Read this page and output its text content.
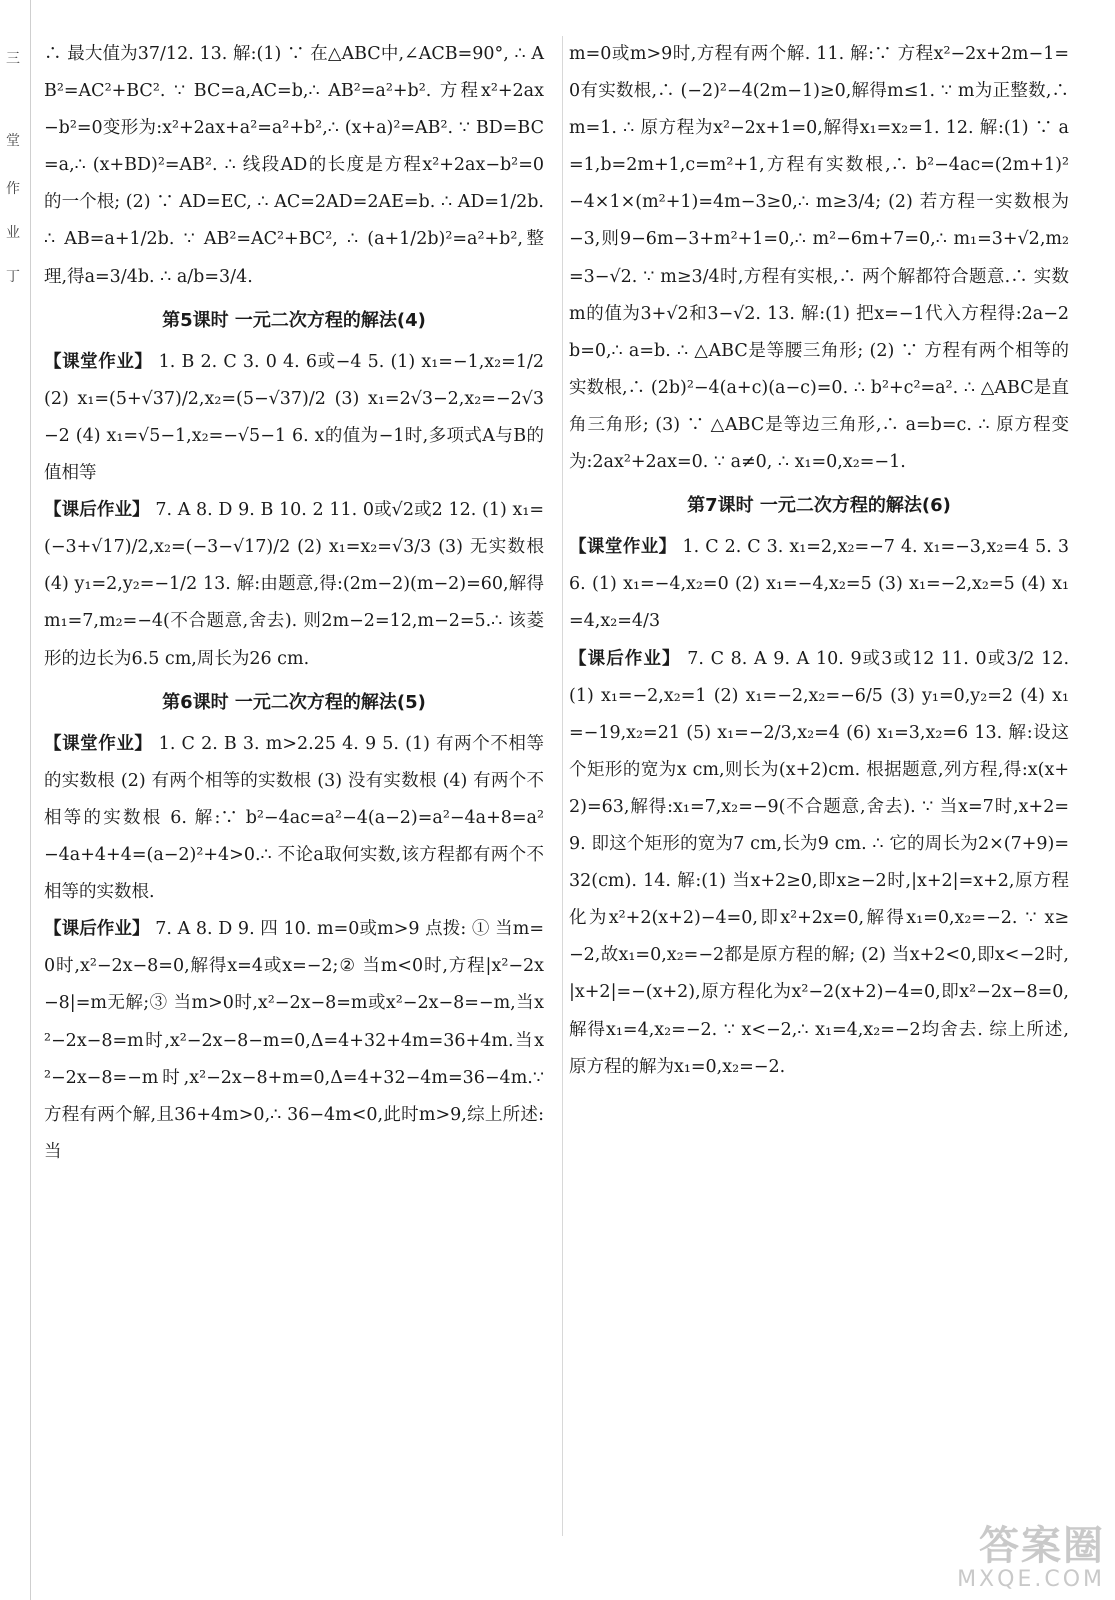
三
堂
作
业
丁

∴ 最大值为37/12. 13. 解:(1) ∵ 在△ABC中,∠ACB=90°, ∴ AB²=AC²+BC². ∵ BC=a,AC=b,∴ AB²=a²+b². 方程x²+2ax−b²=0变形为:x²+2ax+a²=a²+b²,∴ (x+a)²=AB². ∵ BD=BC=a,∴ (x+BD)²=AB². ∴ 线段AD的长度是方程x²+2ax−b²=0的一个根; (2) ∵ AD=EC, ∴ AC=2AD=2AE=b. ∴ AD=1/2b. ∴ AB=a+1/2b. ∵ AB²=AC²+BC², ∴ (a+1/2b)²=a²+b²,整理,得a=3/4b. ∴ a/b=3/4.

第5课时 一元二次方程的解法(4)

【课堂作业】 1. B 2. C 3. 0 4. 6或−4 5. (1) x₁=−1,x₂=1/2 (2) x₁=(5+√37)/2,x₂=(5−√37)/2 (3) x₁=2√3−2,x₂=−2√3−2 (4) x₁=√5−1,x₂=−√5−1 6. x的值为−1时,多项式A与B的值相等

【课后作业】 7. A 8. D 9. B 10. 2 11. 0或√2或2 12. (1) x₁=(−3+√17)/2,x₂=(−3−√17)/2 (2) x₁=x₂=√3/3 (3) 无实数根 (4) y₁=2,y₂=−1/2 13. 解:由题意,得:(2m−2)(m−2)=60,解得m₁=7,m₂=−4(不合题意,舍去). 则2m−2=12,m−2=5.∴ 该菱形的边长为6.5 cm,周长为26 cm.

第6课时 一元二次方程的解法(5)

【课堂作业】 1. C 2. B 3. m>2.25 4. 9 5. (1) 有两个不相等的实数根 (2) 有两个相等的实数根 (3) 没有实数根 (4) 有两个不相等的实数根 6. 解:∵ b²−4ac=a²−4(a−2)=a²−4a+8=a²−4a+4+4=(a−2)²+4>0.∴ 不论a取何实数,该方程都有两个不相等的实数根.

【课后作业】 7. A 8. D 9. 四 10. m=0或m>9 点拨: ① 当m=0时,x²−2x−8=0,解得x=4或x=−2;② 当m<0时,方程|x²−2x−8|=m无解;③ 当m>0时,x²−2x−8=m或x²−2x−8=−m,当x²−2x−8=m时,x²−2x−8−m=0,Δ=4+32+4m=36+4m.当x²−2x−8=−m时,x²−2x−8+m=0,Δ=4+32−4m=36−4m.∵ 方程有两个解,且36+4m>0,∴ 36−4m<0,此时m>9,综上所述:当

m=0或m>9时,方程有两个解. 11. 解:∵ 方程x²−2x+2m−1=0有实数根,∴ (−2)²−4(2m−1)≥0,解得m≤1. ∵ m为正整数,∴ m=1. ∴ 原方程为x²−2x+1=0,解得x₁=x₂=1. 12. 解:(1) ∵ a=1,b=2m+1,c=m²+1,方程有实数根,∴ b²−4ac=(2m+1)²−4×1×(m²+1)=4m−3≥0,∴ m≥3/4; (2) 若方程一实数根为−3,则9−6m−3+m²+1=0,∴ m²−6m+7=0,∴ m₁=3+√2,m₂=3−√2. ∵ m≥3/4时,方程有实根,∴ 两个解都符合题意.∴ 实数m的值为3+√2和3−√2. 13. 解:(1) 把x=−1代入方程得:2a−2b=0,∴ a=b. ∴ △ABC是等腰三角形; (2) ∵ 方程有两个相等的实数根,∴ (2b)²−4(a+c)(a−c)=0. ∴ b²+c²=a². ∴ △ABC是直角三角形; (3) ∵ △ABC是等边三角形,∴ a=b=c. ∴ 原方程变为:2ax²+2ax=0. ∵ a≠0, ∴ x₁=0,x₂=−1.

第7课时 一元二次方程的解法(6)

【课堂作业】 1. C 2. C 3. x₁=2,x₂=−7 4. x₁=−3,x₂=4 5. 3 6. (1) x₁=−4,x₂=0 (2) x₁=−4,x₂=5 (3) x₁=−2,x₂=5 (4) x₁=4,x₂=4/3

【课后作业】 7. C 8. A 9. A 10. 9或3或12 11. 0或3/2 12. (1) x₁=−2,x₂=1 (2) x₁=−2,x₂=−6/5 (3) y₁=0,y₂=2 (4) x₁=−19,x₂=21 (5) x₁=−2/3,x₂=4 (6) x₁=3,x₂=6 13. 解:设这个矩形的宽为x cm,则长为(x+2)cm. 根据题意,列方程,得:x(x+2)=63,解得:x₁=7,x₂=−9(不合题意,舍去). ∵ 当x=7时,x+2=9. 即这个矩形的宽为7 cm,长为9 cm. ∴ 它的周长为2×(7+9)=32(cm). 14. 解:(1) 当x+2≥0,即x≥−2时,|x+2|=x+2,原方程化为x²+2(x+2)−4=0,即x²+2x=0,解得x₁=0,x₂=−2. ∵ x≥−2,故x₁=0,x₂=−2都是原方程的解; (2) 当x+2<0,即x<−2时,|x+2|=−(x+2),原方程化为x²−2(x+2)−4=0,即x²−2x−8=0,解得x₁=4,x₂=−2. ∵ x<−2,∴ x₁=4,x₂=−2均舍去. 综上所述,原方程的解为x₁=0,x₂=−2.

答案圈
MXQE.COM
